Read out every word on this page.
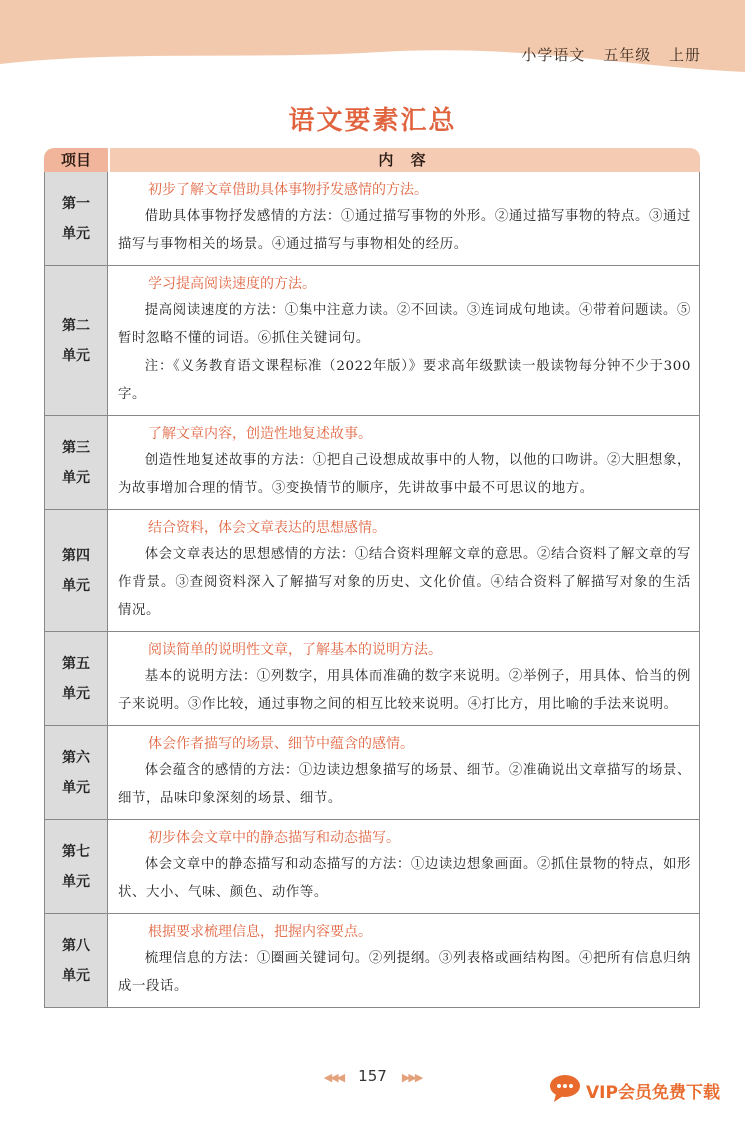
小学语文 五年级 上册
语文要素汇总
项目	内 容
第一
单元
初步了解文章借助具体事物抒发感情的方法。

借助具体事物抒发感情的方法：①通过描写事物的外形。②通过描写事物的特点。③通过描写与事物相关的场景。④通过描写与事物相处的经历。

第二
单元
学习提高阅读速度的方法。

提高阅读速度的方法：①集中注意力读。②不回读。③连词成句地读。④带着问题读。⑤暂时忽略不懂的词语。⑥抓住关键词句。

注：《义务教育语文课程标准（2022年版）》要求高年级默读一般读物每分钟不少于300字。

第三
单元
了解文章内容，创造性地复述故事。

创造性地复述故事的方法：①把自己设想成故事中的人物，以他的口吻讲。②大胆想象，为故事增加合理的情节。③变换情节的顺序，先讲故事中最不可思议的地方。

第四
单元
结合资料，体会文章表达的思想感情。

体会文章表达的思想感情的方法：①结合资料理解文章的意思。②结合资料了解文章的写作背景。③查阅资料深入了解描写对象的历史、文化价值。④结合资料了解描写对象的生活情况。

第五
单元
阅读简单的说明性文章，了解基本的说明方法。

基本的说明方法：①列数字，用具体而准确的数字来说明。②举例子，用具体、恰当的例子来说明。③作比较，通过事物之间的相互比较来说明。④打比方，用比喻的手法来说明。

第六
单元
体会作者描写的场景、细节中蕴含的感情。

体会蕴含的感情的方法：①边读边想象描写的场景、细节。②准确说出文章描写的场景、细节，品味印象深刻的场景、细节。

第七
单元
初步体会文章中的静态描写和动态描写。

体会文章中的静态描写和动态描写的方法：①边读边想象画面。②抓住景物的特点，如形状、大小、气味、颜色、动作等。

第八
单元
根据要求梳理信息，把握内容要点。

梳理信息的方法：①圈画关键词句。②列提纲。③列表格或画结构图。④把所有信息归纳成一段话。

◀◀◀ 157 ▶▶▶
VIP会员免费下载
